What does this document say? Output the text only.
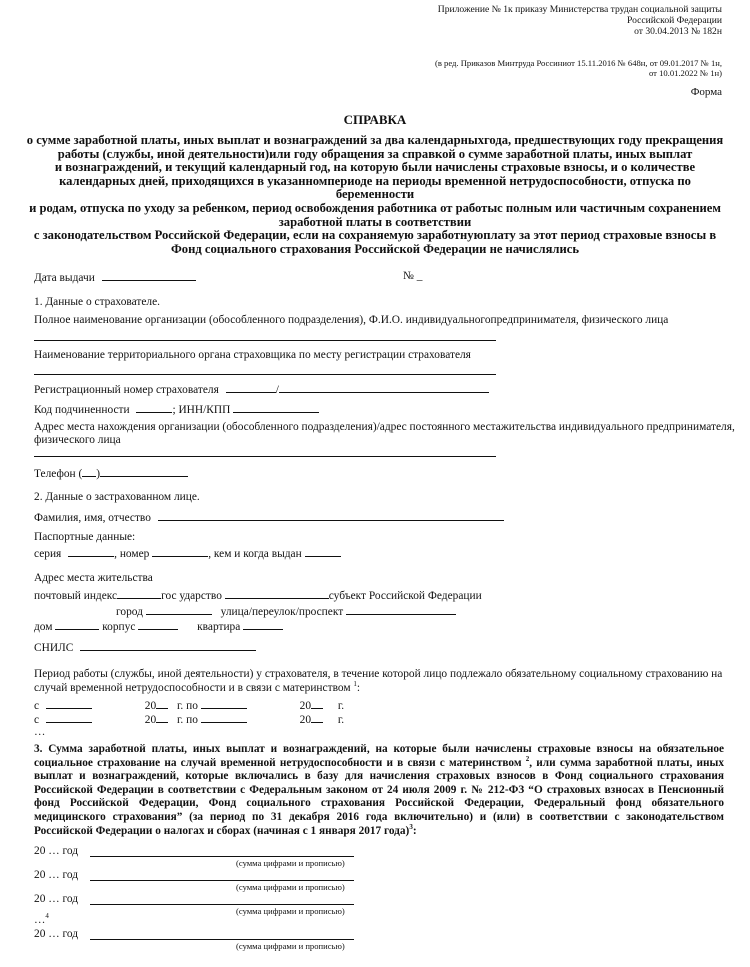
Приложение № 1к приказу Министерства трудан социальной защиты
Российской Федерации
от 30.04.2013 № 182н
(в ред. Приказов Минтруда Россиниот 15.11.2016 № 648н, от 09.01.2017 № 1н,
от 10.01.2022 № 1н)
Форма
СПРАВКА
о сумме заработной платы, иных выплат и вознаграждений за два календарныхгода, предшествующих году прекращения
работы (службы, иной деятельности)или году обращения за справкой о сумме заработной платы, иных выплат
и вознаграждений, и текущий календарный год, на которую были начислены страховые взносы, и о количестве
календарных дней, приходящихся в указанномпериоде на периоды временной нетрудоспособности, отпуска по
беременности
и родам, отпуска по уходу за ребенком, период освобождения работника от работыс полным или частичным сохранением
заработной платы в соответствии
с законодательством Российской Федерации, если на сохраняемую заработнуюплату за этот период страховые взносы в
Фонд социального страхования Российской Федерации не начислялись
Дата выдачи	№ _
1. Данные о страхователе.
Полное наименование организации (обособленного подразделения), Ф.И.О. индивидуальногопредпринимателя, физического лица
Наименование территориального органа страховщика по месту регистрации страхователя
Регистрационный номер страхователя	/
Код подчиненности	; ИНН/КПП
Адрес места нахождения организации (обособленного подразделения)/адрес постоянного местажительства индивидуального предпринимателя,
физического лица
Телефон ( )
2. Данные о застрахованном лице.
Фамилия, имя, отчество
Паспортные данные:
серия	, номер	, кем и когда выдан
Адрес места жительства
почтовый индекс	гос ударство	субъект Российской Федерации
город	улица/переулок/проспект
дом	корпус	квартира
СНИЛС
Период работы (службы, иной деятельности) у страхователя, в течение которой лицо подлежало обязательному социальному страхованию на
случай временной нетрудоспособности и в связи с материнством $^1$:
с	20 г. по	20 г.
с	20 г. по	20 г.
…
3. Сумма заработной платы, иных выплат и вознаграждений, на которые были начислены страховые взносы на обязательное социальное страхование на случай временной нетрудоспособности и в связи с материнством $^2$, или сумма заработной платы, иных выплат и вознаграждений, которые включались в базу для начисления страховых взносов в Фонд социального страхования Российской Федерации в соответствии с Федеральным законом от 24 июля 2009 г. № 212-ФЗ “О страховых взносах в Пенсионный фонд Российской Федерации, Фонд социального страхования Российской Федерации, Федеральный фонд обязательного медицинского страхования” (за период по 31 декабря 2016 года включительно) и (или) в соответствии с законодательством Российской Федерации о налогах и сборах (начиная с 1 января 2017 года)$^3$:
20 … год
(сумма цифрами и прописью)
20 … год
(сумма цифрами и прописью)
20 … год
(сумма цифрами и прописью)
…$^4$
20 … год
(сумма цифрами и прописью)
